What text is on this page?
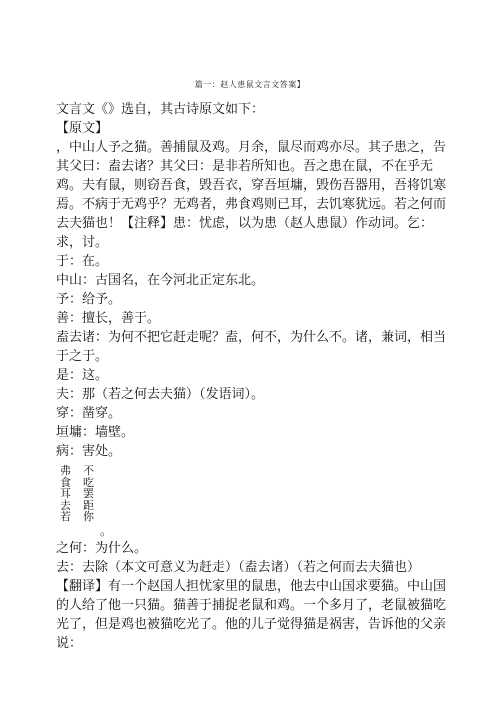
篇一：赵人患鼠文言文答案】

文言文《》选自，其古诗原文如下：

【原文】

，中山人予之猫。善捕鼠及鸡。月余，鼠尽而鸡亦尽。其子患之，告其父曰：盍去诸？其父曰：是非若所知也。吾之患在鼠，不在乎无鸡。夫有鼠，则窃吾食，毁吾衣，穿吾垣墉，毁伤吾器用，吾将饥寒焉。不病于无鸡乎？无鸡者，弗食鸡则已耳，去饥寒犹远。若之何而去夫猫也！【注释】患：忧虑，以为患（赵人患鼠）作动词。乞：求，讨。

于：在。

中山：古国名，在今河北正定东北。

予：给予。

善：擅长，善于。

盍去诸：为何不把它赶走呢？盍，何不，为什么不。诸，兼词，相当于之于。

是：这。

夫：那（若之何去夫猫）（发语词）。

穿：凿穿。

垣墉：墙壁。

病：害处。

弗
食
耳
去
若
不
吃
罢
距
你
。

之何：为什么。

去：去除（本文可意义为赶走）（盍去诸）（若之何而去夫猫也）

【翻译】有一个赵国人担忧家里的鼠患，他去中山国求要猫。中山国的人给了他一只猫。猫善于捕捉老鼠和鸡。一个多月了，老鼠被猫吃光了，但是鸡也被猫吃光了。他的儿子觉得猫是祸害，告诉他的父亲说：
